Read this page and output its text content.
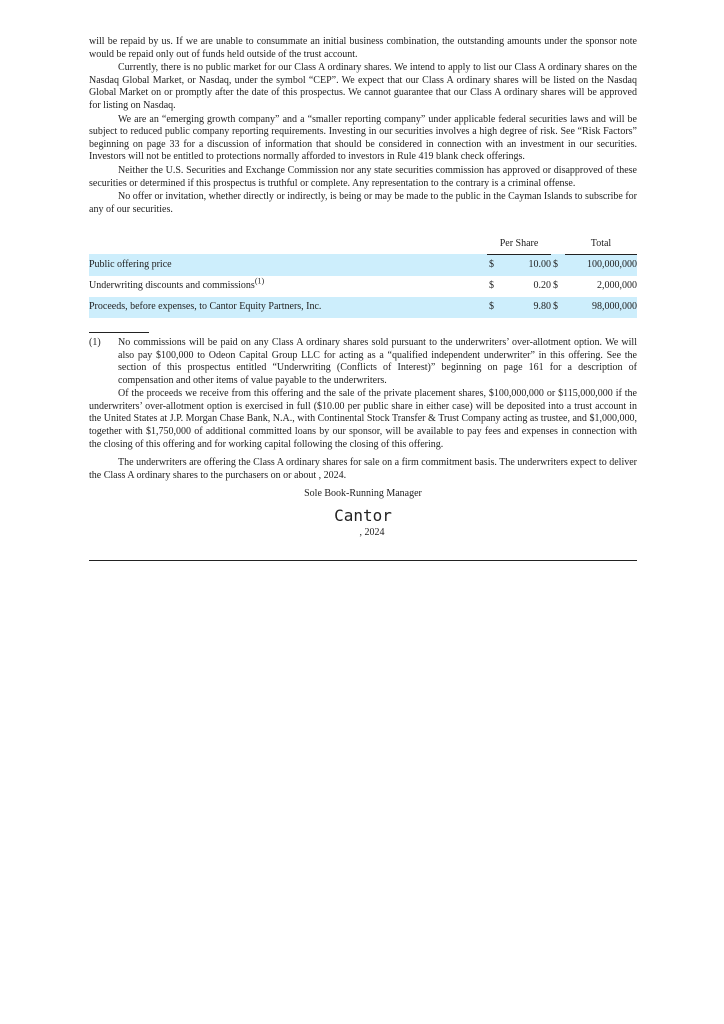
will be repaid by us. If we are unable to consummate an initial business combination, the outstanding amounts under the sponsor note would be repaid only out of funds held outside of the trust account.

Currently, there is no public market for our Class A ordinary shares. We intend to apply to list our Class A ordinary shares on the Nasdaq Global Market, or Nasdaq, under the symbol “CEP”. We expect that our Class A ordinary shares will be listed on the Nasdaq Global Market on or promptly after the date of this prospectus. We cannot guarantee that our Class A ordinary shares will be approved for listing on Nasdaq.

We are an “emerging growth company” and a “smaller reporting company” under applicable federal securities laws and will be subject to reduced public company reporting requirements. Investing in our securities involves a high degree of risk. See “Risk Factors” beginning on page 33 for a discussion of information that should be considered in connection with an investment in our securities. Investors will not be entitled to protections normally afforded to investors in Rule 419 blank check offerings.

Neither the U.S. Securities and Exchange Commission nor any state securities commission has approved or disapproved of these securities or determined if this prospectus is truthful or complete. Any representation to the contrary is a criminal offense.

No offer or invitation, whether directly or indirectly, is being or may be made to the public in the Cayman Islands to subscribe for any of our securities.

	Per Share			Total
Public offering price	$	10.00	$	100,000,000
Underwriting discounts and commissions$^{(1)}$	$	0.20	$	2,000,000
Proceeds, before expenses, to Cantor Equity Partners, Inc.	$	9.80	$	98,000,000
(1)	No commissions will be paid on any Class A ordinary shares sold pursuant to the underwriters’ over-allotment option. We will also pay $100,000 to Odeon Capital Group LLC for acting as a “qualified independent underwriter” in this offering. See the section of this prospectus entitled “Underwriting (Conflicts of Interest)” beginning on page 161 for a description of compensation and other items of value payable to the underwriters.

Of the proceeds we receive from this offering and the sale of the private placement shares, $100,000,000 or $115,000,000 if the underwriters’ over-allotment option is exercised in full ($10.00 per public share in either case) will be deposited into a trust account in the United States at J.P. Morgan Chase Bank, N.A., with Continental Stock Transfer & Trust Company acting as trustee, and $1,000,000, together with $1,750,000 of additional committed loans by our sponsor, will be available to pay fees and expenses in connection with the closing of this offering and for working capital following the closing of this offering.

The underwriters are offering the Class A ordinary shares for sale on a firm commitment basis. The underwriters expect to deliver the Class A ordinary shares to the purchasers on or about , 2024.

Sole Book-Running Manager
Cantor
, 2024
